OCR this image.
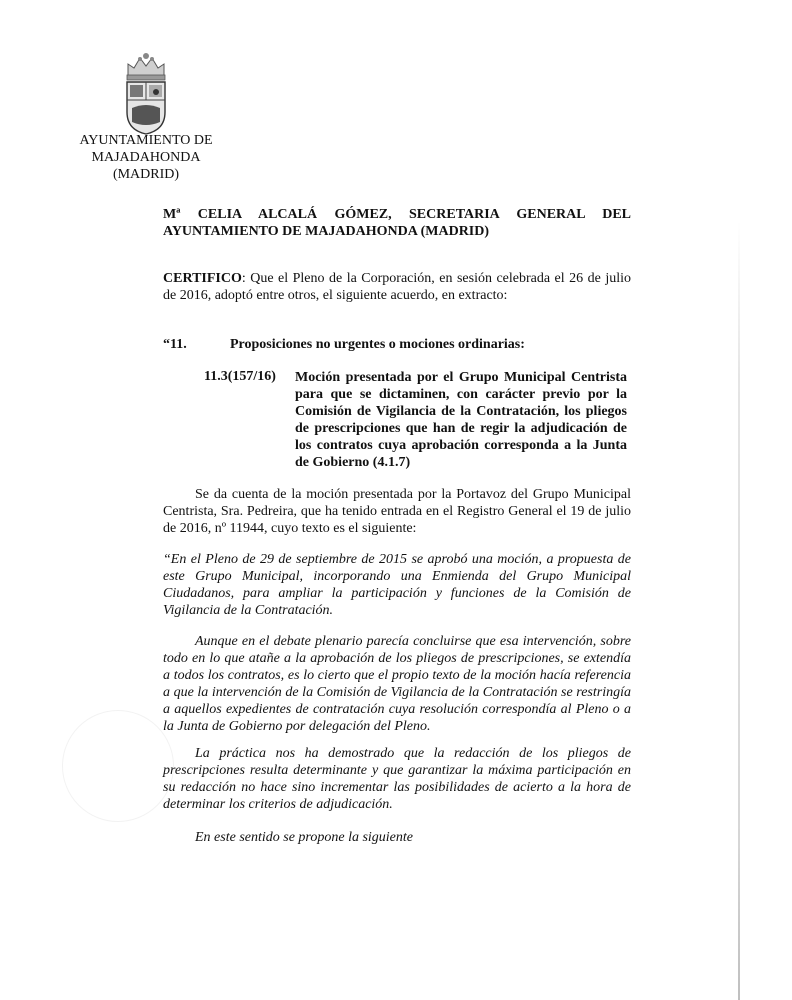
AYUNTAMIENTO DE
MAJADAHONDA
(MADRID)
Mª CELIA ALCALÁ GÓMEZ, SECRETARIA GENERAL DEL
AYUNTAMIENTO DE MAJADAHONDA (MADRID)
CERTIFICO: Que el Pleno de la Corporación, en sesión celebrada el 26 de julio de 2016, adoptó entre otros, el siguiente acuerdo, en extracto:
“11.	Proposiciones no urgentes o mociones ordinarias:
11.3(157/16) Moción presentada por el Grupo Municipal Centrista para que se dictaminen, con carácter previo por la Comisión de Vigilancia de la Contratación, los pliegos de prescripciones que han de regir la adjudicación de los contratos cuya aprobación corresponda a la Junta de Gobierno (4.1.7)
Se da cuenta de la moción presentada por la Portavoz del Grupo Municipal Centrista, Sra. Pedreira, que ha tenido entrada en el Registro General el 19 de julio de 2016, nº 11944, cuyo texto es el siguiente:
“En el Pleno de 29 de septiembre de 2015 se aprobó una moción, a propuesta de este Grupo Municipal, incorporando una Enmienda del Grupo Municipal Ciudadanos, para ampliar la participación y funciones de la Comisión de Vigilancia de la Contratación.
Aunque en el debate plenario parecía concluirse que esa intervención, sobre todo en lo que atañe a la aprobación de los pliegos de prescripciones, se extendía a todos los contratos, es lo cierto que el propio texto de la moción hacía referencia a que la intervención de la Comisión de Vigilancia de la Contratación se restringía a aquellos expedientes de contratación cuya resolución correspondía al Pleno o a la Junta de Gobierno por delegación del Pleno.
La práctica nos ha demostrado que la redacción de los pliegos de prescripciones resulta determinante y que garantizar la máxima participación en su redacción no hace sino incrementar las posibilidades de acierto a la hora de determinar los criterios de adjudicación.
En este sentido se propone la siguiente
